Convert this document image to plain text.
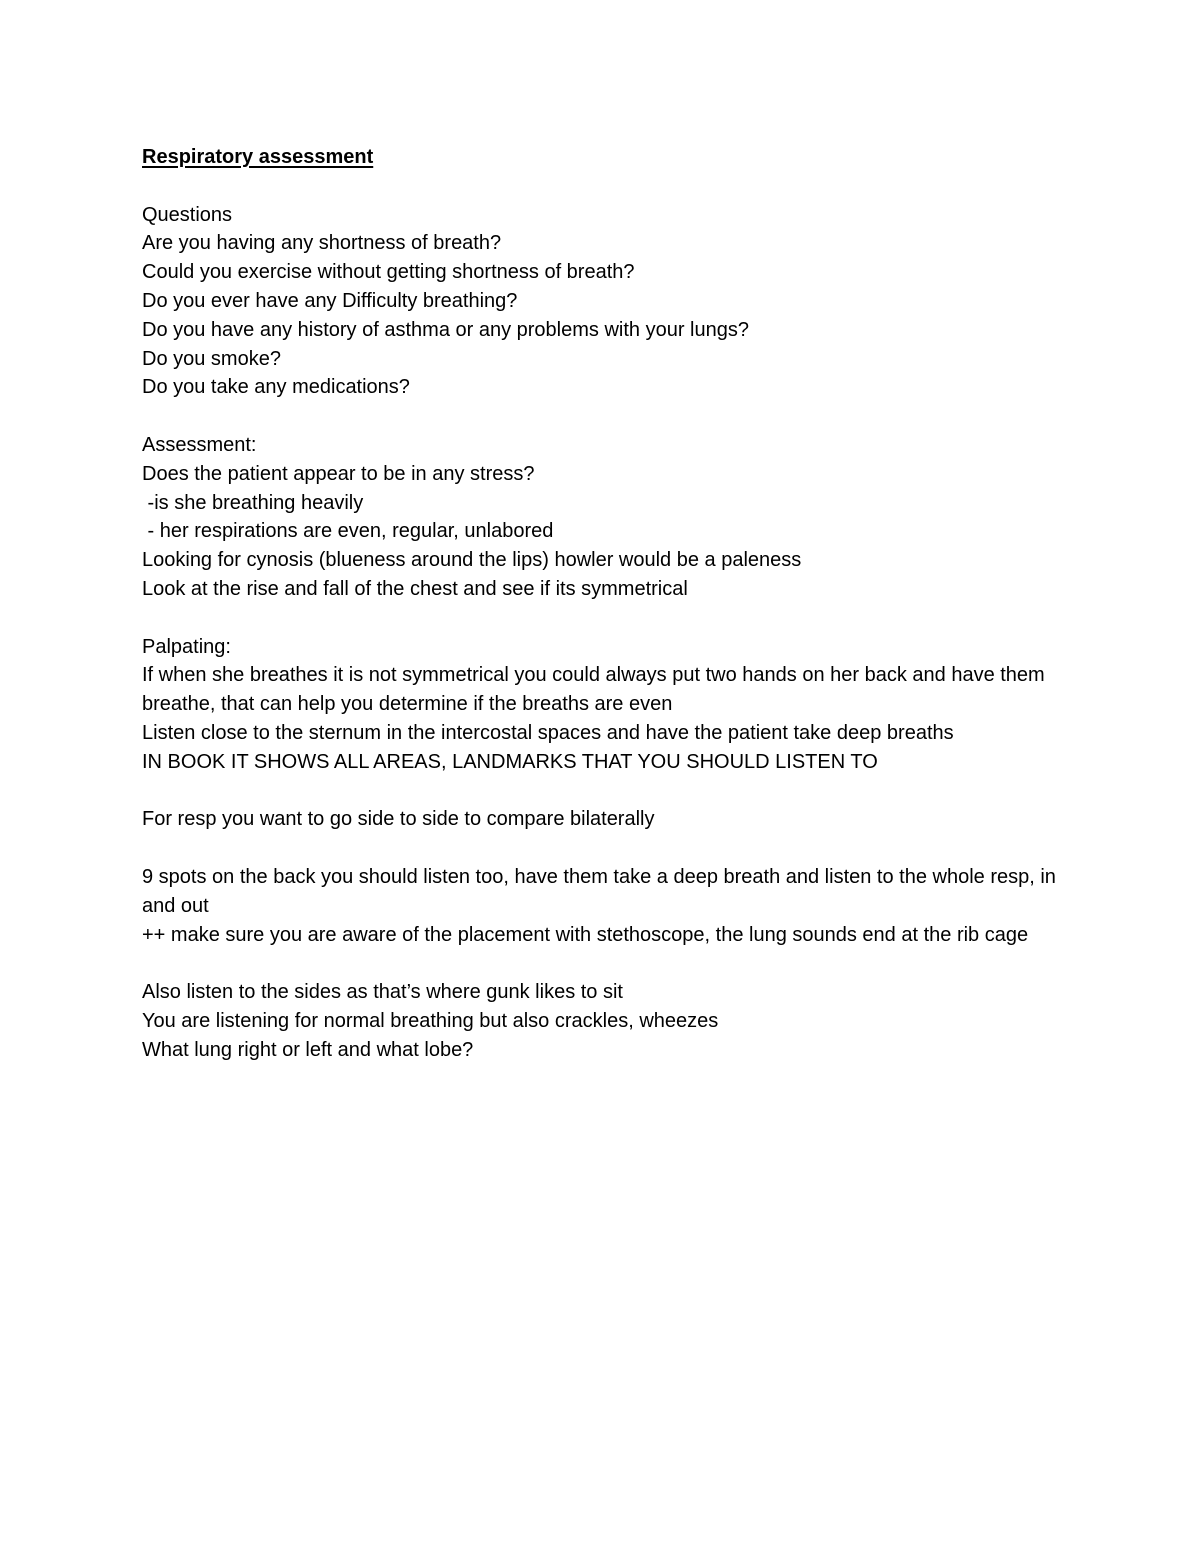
Respiratory assessment
Questions
Are you having any shortness of breath?
Could you exercise without getting shortness of breath?
Do you ever have any Difficulty breathing?
Do you have any history of asthma or any problems with your lungs?
Do you smoke?
Do you take any medications?
Assessment:
Does the patient appear to be in any stress?
-is she breathing heavily
- her respirations are even, regular, unlabored
Looking for cynosis (blueness around the lips) howler would be a paleness
Look at the rise and fall of the chest and see if its symmetrical
Palpating:
If when she breathes it is not symmetrical you could always put two hands on her back and have them breathe, that can help you determine if the breaths are even
Listen close to the sternum in the intercostal spaces and have the patient take deep breaths
IN BOOK IT SHOWS ALL AREAS, LANDMARKS THAT YOU SHOULD LISTEN TO
For resp you want to go side to side to compare bilaterally
9 spots on the back you should listen too, have them take a deep breath and listen to the whole resp, in and out
++ make sure you are aware of the placement with stethoscope, the lung sounds end at the rib cage
Also listen to the sides as that’s where gunk likes to sit
You are listening for normal breathing but also crackles, wheezes
What lung right or left and what lobe?
